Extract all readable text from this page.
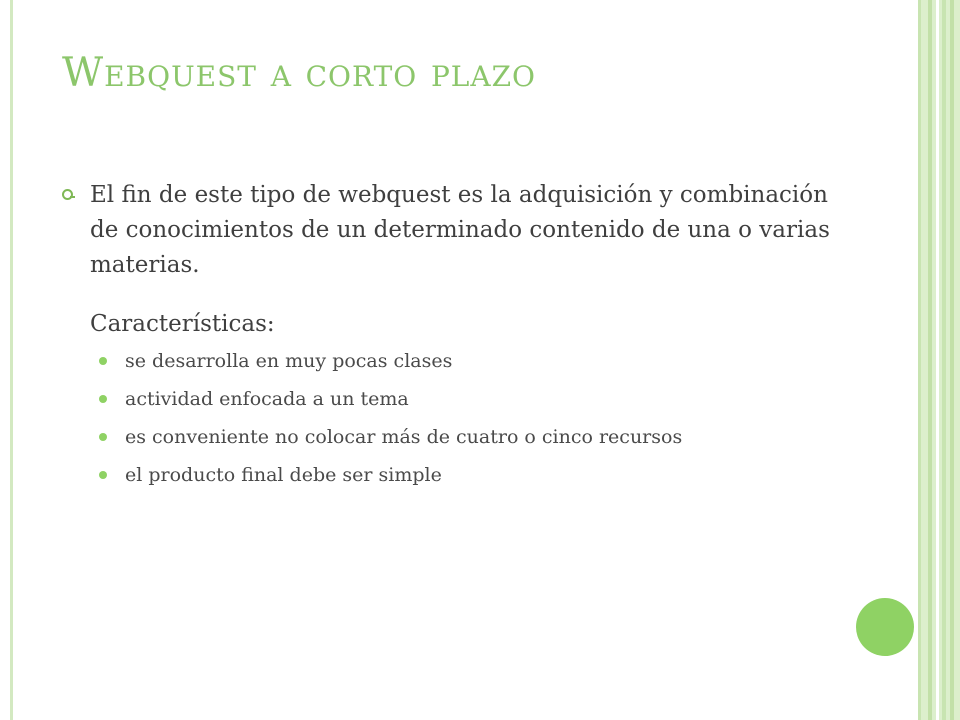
Webquest a corto plazo
El fin de este tipo de webquest es la adquisición y combinación de conocimientos de un determinado contenido de una o varias materias.
Características:
se desarrolla en muy pocas clases
actividad enfocada a un tema
es conveniente no colocar más de cuatro o cinco recursos
el producto final debe ser simple
